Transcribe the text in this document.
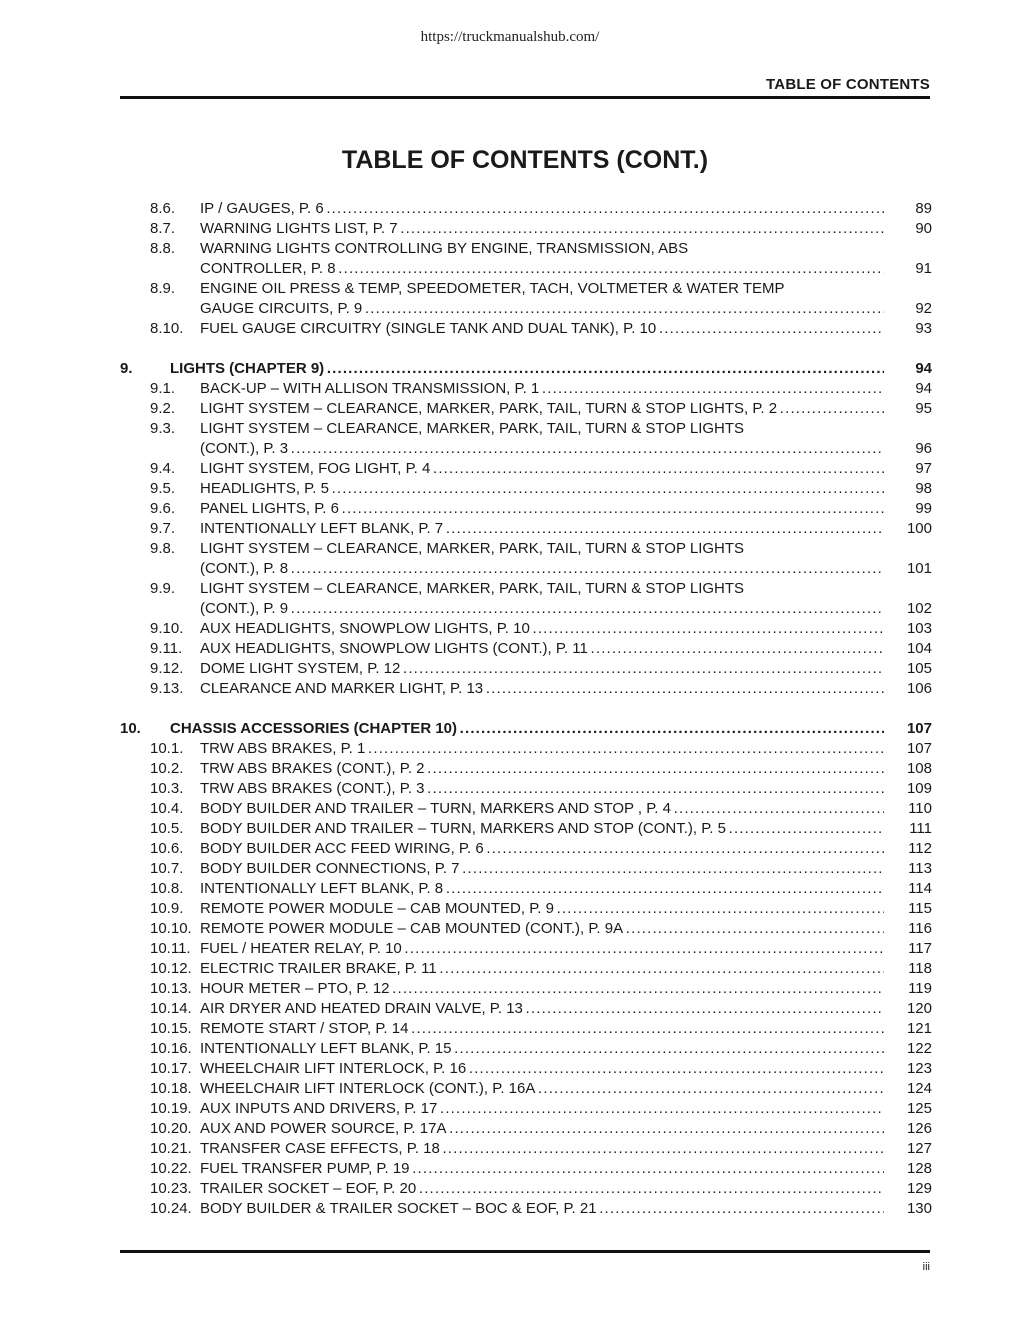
https://truckmanualshub.com/
TABLE OF CONTENTS
TABLE OF CONTENTS (CONT.)
8.6.	IP / GAUGES, P. 6 . . .	89
8.7.	WARNING LIGHTS LIST, P. 7 . . .	90
8.8.	WARNING LIGHTS CONTROLLING BY ENGINE, TRANSMISSION, ABS
CONTROLLER, P. 8 . . .	91
8.9.	ENGINE OIL PRESS & TEMP, SPEEDOMETER, TACH, VOLTMETER & WATER TEMP
GAUGE CIRCUITS, P. 9 . . .	92
8.10.	FUEL GAUGE CIRCUITRY (SINGLE TANK AND DUAL TANK), P. 10 . . .	93
9.	LIGHTS (CHAPTER 9) . . .	94
9.1.	BACK-UP – WITH ALLISON TRANSMISSION, P. 1 . . .	94
9.2.	LIGHT SYSTEM – CLEARANCE, MARKER, PARK, TAIL, TURN & STOP LIGHTS, P. 2 . . .	95
9.3.	LIGHT SYSTEM – CLEARANCE, MARKER, PARK, TAIL, TURN & STOP LIGHTS
(CONT.), P. 3 . . .	96
9.4.	LIGHT SYSTEM, FOG LIGHT, P. 4 . . .	97
9.5.	HEADLIGHTS, P. 5 . . .	98
9.6.	PANEL LIGHTS, P. 6 . . .	99
9.7.	INTENTIONALLY LEFT BLANK, P. 7 . . .	100
9.8.	LIGHT SYSTEM – CLEARANCE, MARKER, PARK, TAIL, TURN & STOP LIGHTS
(CONT.), P. 8 . . .	101
9.9.	LIGHT SYSTEM – CLEARANCE, MARKER, PARK, TAIL, TURN & STOP LIGHTS
(CONT.), P. 9 . . .	102
9.10.	AUX HEADLIGHTS, SNOWPLOW LIGHTS, P. 10 . . .	103
9.11.	AUX HEADLIGHTS, SNOWPLOW LIGHTS (CONT.), P. 11 . . .	104
9.12.	DOME LIGHT SYSTEM, P. 12 . . .	105
9.13.	CLEARANCE AND MARKER LIGHT, P. 13 . . .	106
10.	CHASSIS ACCESSORIES (CHAPTER 10) . . .	107
10.1.	TRW ABS BRAKES, P. 1 . . .	107
10.2.	TRW ABS BRAKES (CONT.), P. 2 . . .	108
10.3.	TRW ABS BRAKES (CONT.), P. 3 . . .	109
10.4.	BODY BUILDER AND TRAILER – TURN, MARKERS AND STOP , P. 4 . . .	110
10.5.	BODY BUILDER AND TRAILER – TURN, MARKERS AND STOP (CONT.), P. 5 . . .	111
10.6.	BODY BUILDER ACC FEED WIRING, P. 6 . . .	112
10.7.	BODY BUILDER CONNECTIONS, P. 7 . . .	113
10.8.	INTENTIONALLY LEFT BLANK, P. 8 . . .	114
10.9.	REMOTE POWER MODULE – CAB MOUNTED, P. 9 . . .	115
10.10. REMOTE POWER MODULE – CAB MOUNTED (CONT.), P. 9A . . .	116
10.11. FUEL / HEATER RELAY, P. 10 . . .	117
10.12. ELECTRIC TRAILER BRAKE, P. 11 . . .	118
10.13. HOUR METER – PTO, P. 12 . . .	119
10.14. AIR DRYER AND HEATED DRAIN VALVE, P. 13 . . .	120
10.15. REMOTE START / STOP, P. 14 . . .	121
10.16. INTENTIONALLY LEFT BLANK, P. 15 . . .	122
10.17. WHEELCHAIR LIFT INTERLOCK, P. 16 . . .	123
10.18. WHEELCHAIR LIFT INTERLOCK (CONT.), P. 16A . . .	124
10.19. AUX INPUTS AND DRIVERS, P. 17 . . .	125
10.20. AUX AND POWER SOURCE, P. 17A . . .	126
10.21. TRANSFER CASE EFFECTS, P. 18 . . .	127
10.22. FUEL TRANSFER PUMP, P. 19 . . .	128
10.23. TRAILER SOCKET – EOF, P. 20 . . .	129
10.24. BODY BUILDER & TRAILER SOCKET – BOC & EOF, P. 21 . . .	130
iii
